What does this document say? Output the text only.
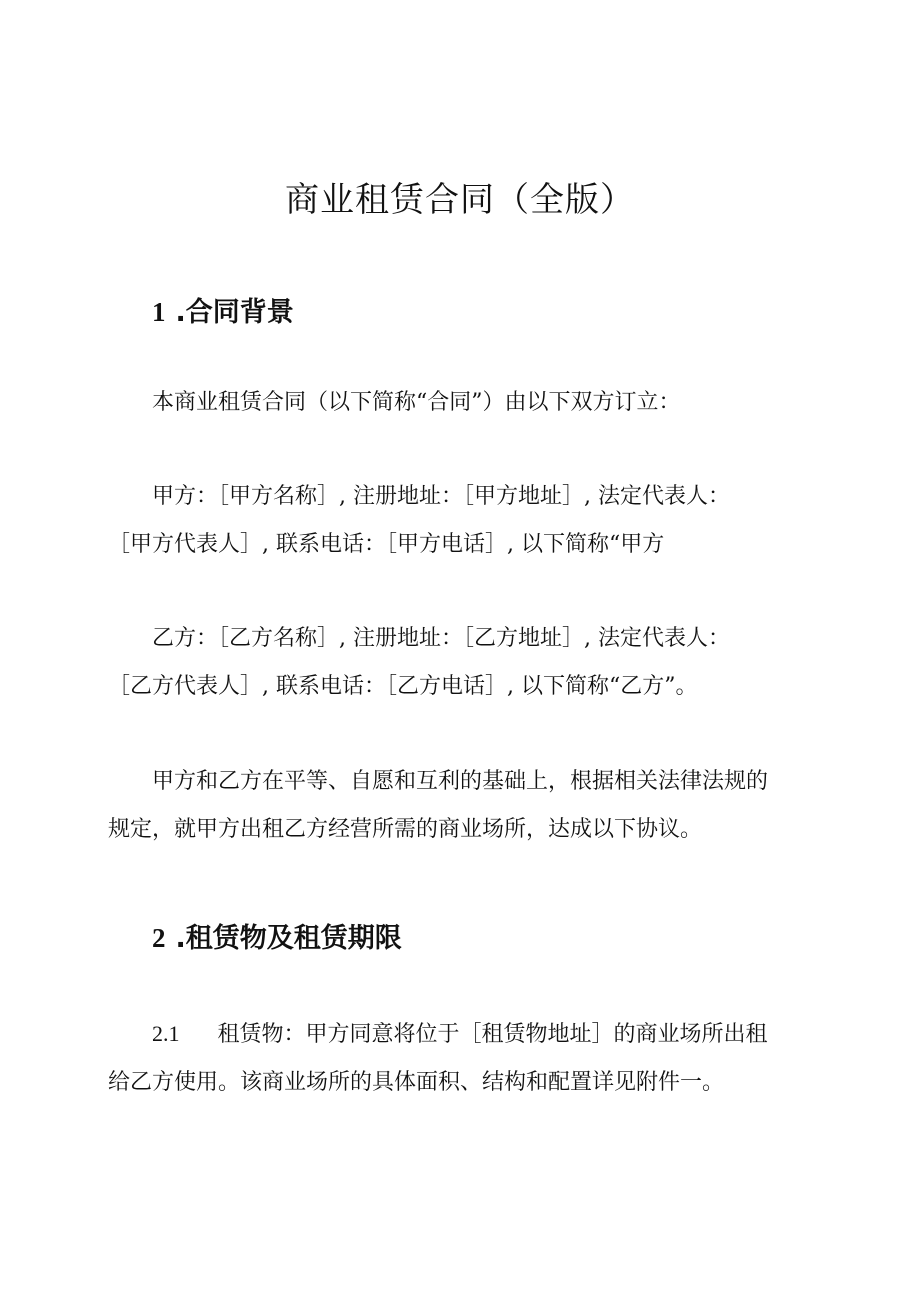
商业租赁合同（全版）
1 .合同背景

本商业租赁合同（以下简称“合同”）由以下双方订立：

甲方：［甲方名称］, 注册地址：［甲方地址］, 法定代表人：
［甲方代表人］, 联系电话：［甲方电话］, 以下简称“甲方

乙方：［乙方名称］, 注册地址：［乙方地址］, 法定代表人：
［乙方代表人］, 联系电话：［乙方电话］, 以下简称“乙方”。

甲方和乙方在平等、自愿和互利的基础上，根据相关法律法规的
规定，就甲方出租乙方经营所需的商业场所，达成以下协议。

2 .租赁物及租赁期限

2.1 租赁物：甲方同意将位于［租赁物地址］的商业场所出租
给乙方使用。该商业场所的具体面积、结构和配置详见附件一。
